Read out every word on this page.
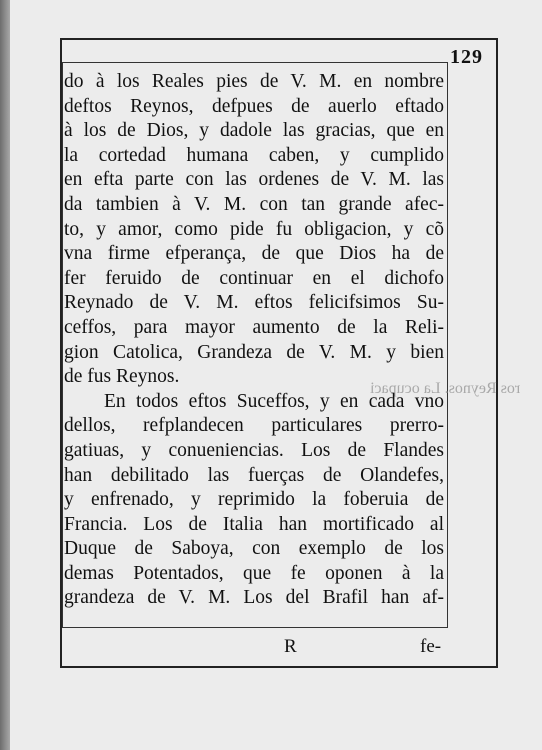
129
ros Reynos. La ocupaci
do à los Reales pies de V. M. en nombre
deftos Reynos, defpues de auerlo eftado
à los de Dios, y dadole las gracias, que en
la cortedad humana caben, y cumplido
en efta parte con las ordenes de V. M. las
da tambien à V. M. con tan grande afec-
to, y amor, como pide fu obligacion, y cõ
vna firme efperança, de que Dios ha de
fer feruido de continuar en el dichofo
Reynado de V. M. eftos felicifsimos Su-
ceffos, para mayor aumento de la Reli-
gion Catolica, Grandeza de V. M. y bien
de fus Reynos.
En todos eftos Suceffos, y en cada vno
dellos, refplandecen particulares prerro-
gatiuas, y conueniencias. Los de Flandes
han debilitado las fuerças de Olandefes,
y enfrenado, y reprimido la foberuia de
Francia. Los de Italia han mortificado al
Duque de Saboya, con exemplo de los
demas Potentados, que fe oponen à la
grandeza de V. M. Los del Brafil han af-
R	fe-
